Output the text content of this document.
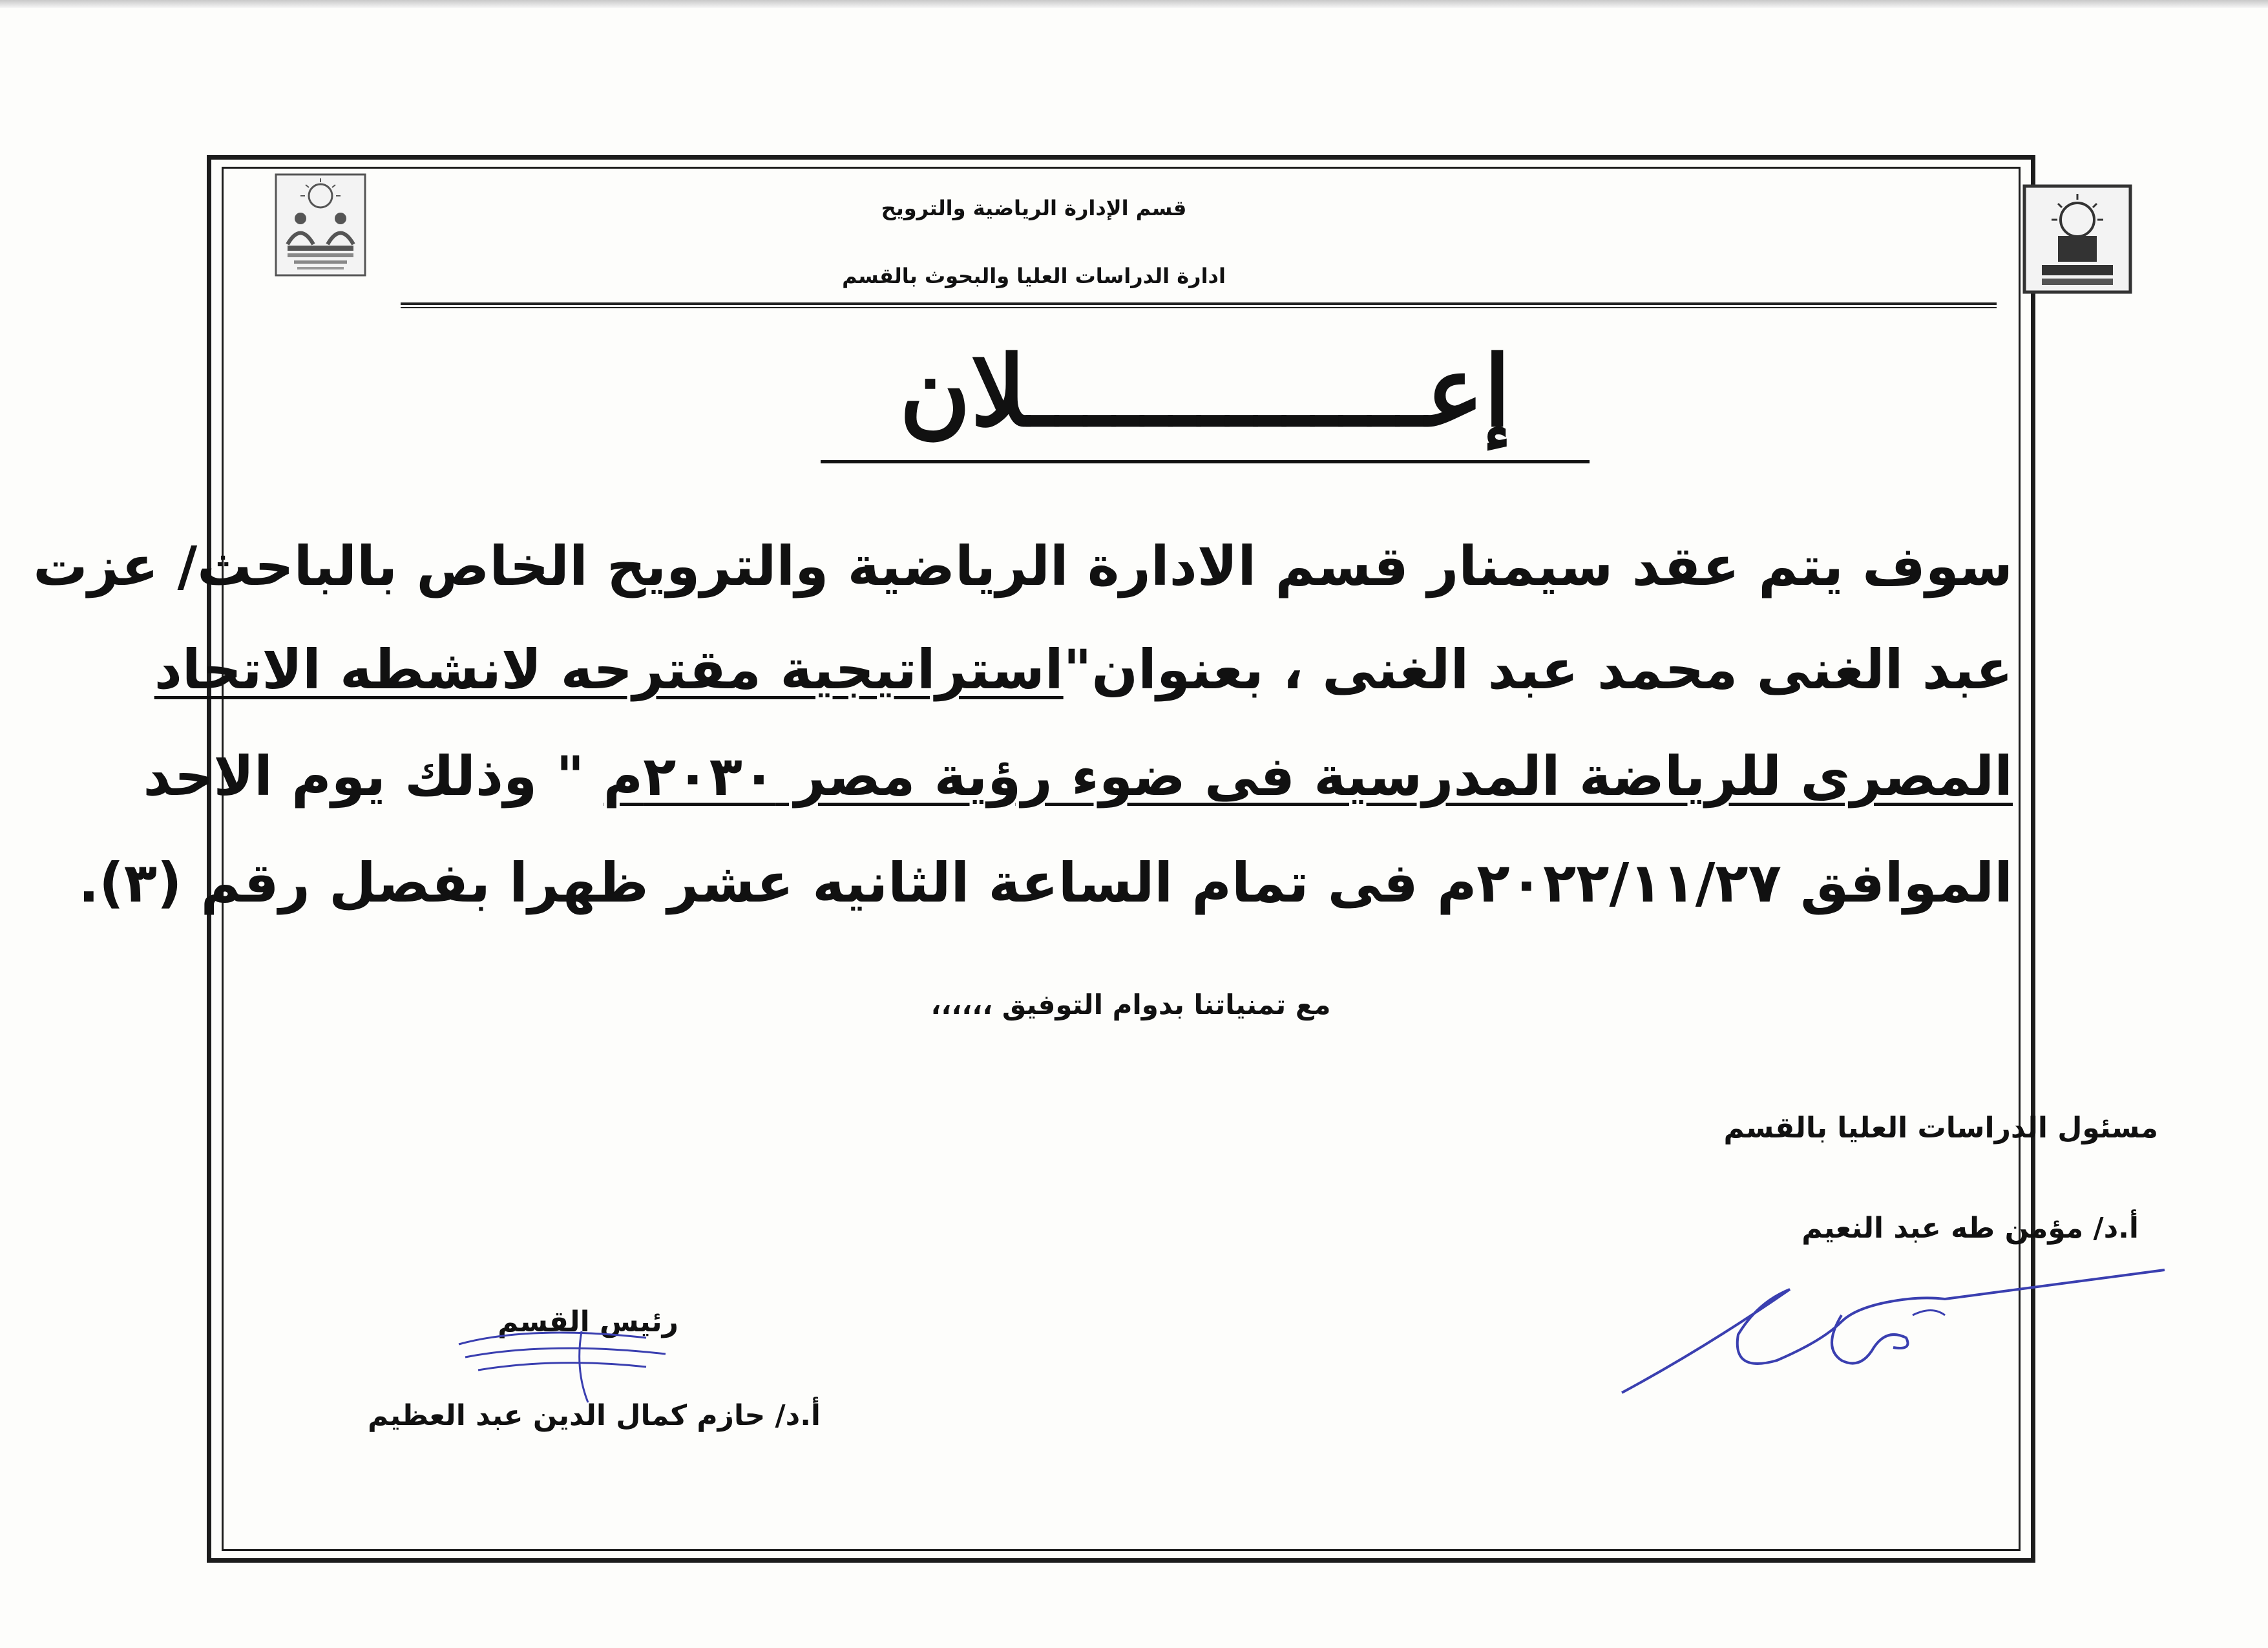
قسم الإدارة الرياضية والترويح
ادارة الدراسات العليا والبحوث بالقسم
إعــــــــــــــلان
سوف يتم عقد سيمنار قسم الادارة الرياضية والترويح الخاص بالباحث/ عزت
عبد الغنى محمد عبد الغنى ، بعنوان"استراتيجية مقترحه لانشطه الاتحاد
المصرى للرياضة المدرسية فى ضوء رؤية مصر ٢٠٣٠م " وذلك يوم الاحد
الموافق ٢٠٢٢/١١/٢٧م فى تمام الساعة الثانيه عشر ظهرا بفصل رقم (٣).
مع تمنياتنا بدوام التوفيق ،،،،،،
مسئول الدراسات العليا بالقسم
أ.د/ مؤمن طه عبد النعيم
رئيس القسم
أ.د/ حازم كمال الدين عبد العظيم
